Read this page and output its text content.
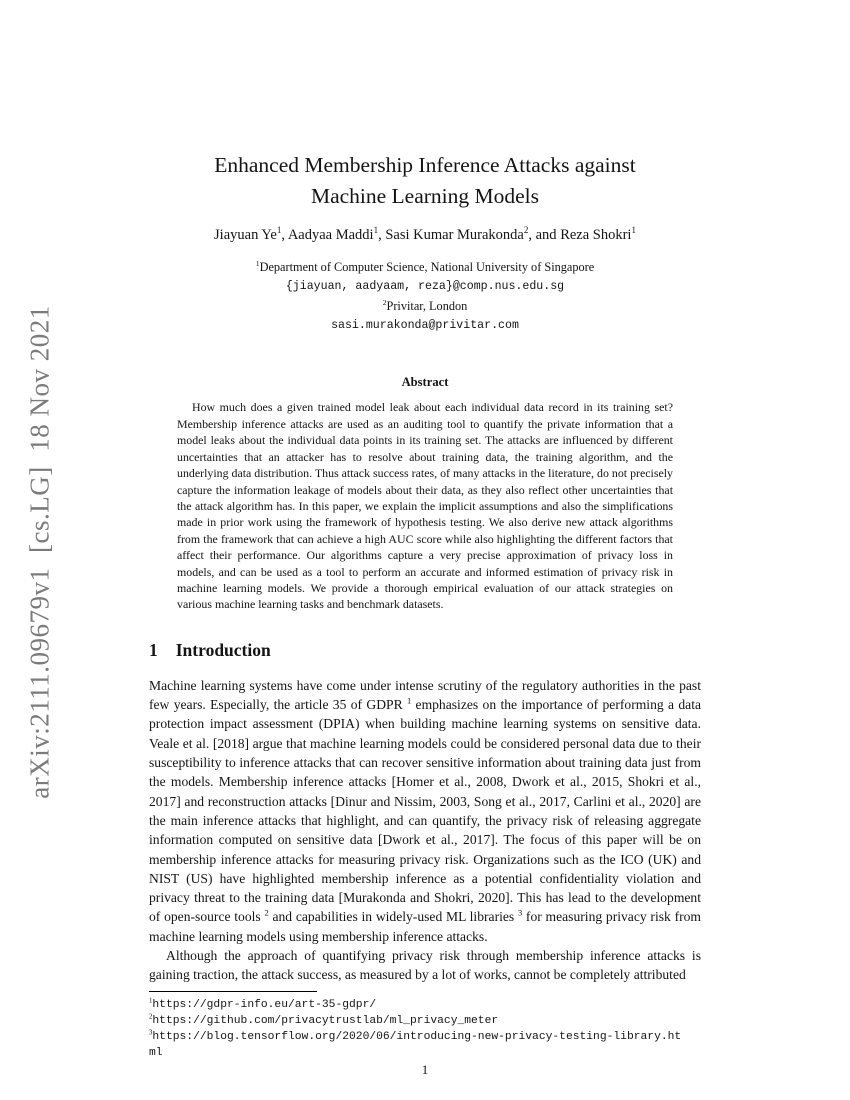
arXiv:2111.09679v1  [cs.LG]  18 Nov 2021
Enhanced Membership Inference Attacks against
Machine Learning Models
Jiayuan Ye$^1$, Aadyaa Maddi$^1$, Sasi Kumar Murakonda$^2$, and Reza Shokri$^1$
$^1$Department of Computer Science, National University of Singapore
{jiayuan, aadyaam, reza}@comp.nus.edu.sg
$^2$Privitar, London
sasi.murakonda@privitar.com
Abstract

How much does a given trained model leak about each individual data record in its training set? Membership inference attacks are used as an auditing tool to quantify the private information that a model leaks about the individual data points in its training set. The attacks are influenced by different uncertainties that an attacker has to resolve about training data, the training algorithm, and the underlying data distribution. Thus attack success rates, of many attacks in the literature, do not precisely capture the information leakage of models about their data, as they also reflect other uncertainties that the attack algorithm has. In this paper, we explain the implicit assumptions and also the simplifications made in prior work using the framework of hypothesis testing. We also derive new attack algorithms from the framework that can achieve a high AUC score while also highlighting the different factors that affect their performance. Our algorithms capture a very precise approximation of privacy loss in models, and can be used as a tool to perform an accurate and informed estimation of privacy risk in machine learning models. We provide a thorough empirical evaluation of our attack strategies on various machine learning tasks and benchmark datasets.

1 Introduction

Machine learning systems have come under intense scrutiny of the regulatory authorities in the past few years. Especially, the article 35 of GDPR $^1$ emphasizes on the importance of performing a data protection impact assessment (DPIA) when building machine learning systems on sensitive data. Veale et al. [2018] argue that machine learning models could be considered personal data due to their susceptibility to inference attacks that can recover sensitive information about training data just from the models. Membership inference attacks [Homer et al., 2008, Dwork et al., 2015, Shokri et al., 2017] and reconstruction attacks [Dinur and Nissim, 2003, Song et al., 2017, Carlini et al., 2020] are the main inference attacks that highlight, and can quantify, the privacy risk of releasing aggregate information computed on sensitive data [Dwork et al., 2017]. The focus of this paper will be on membership inference attacks for measuring privacy risk. Organizations such as the ICO (UK) and NIST (US) have highlighted membership inference as a potential confidentiality violation and privacy threat to the training data [Murakonda and Shokri, 2020]. This has lead to the development of open-source tools $^2$ and capabilities in widely-used ML libraries $^3$ for measuring privacy risk from machine learning models using membership inference attacks.

Although the approach of quantifying privacy risk through membership inference attacks is gaining traction, the attack success, as measured by a lot of works, cannot be completely attributed

$^1$https://gdpr-info.eu/art-35-gdpr/
$^2$https://github.com/privacytrustlab/ml_privacy_meter
$^3$https://blog.tensorflow.org/2020/06/introducing-new-privacy-testing-library.html
1
